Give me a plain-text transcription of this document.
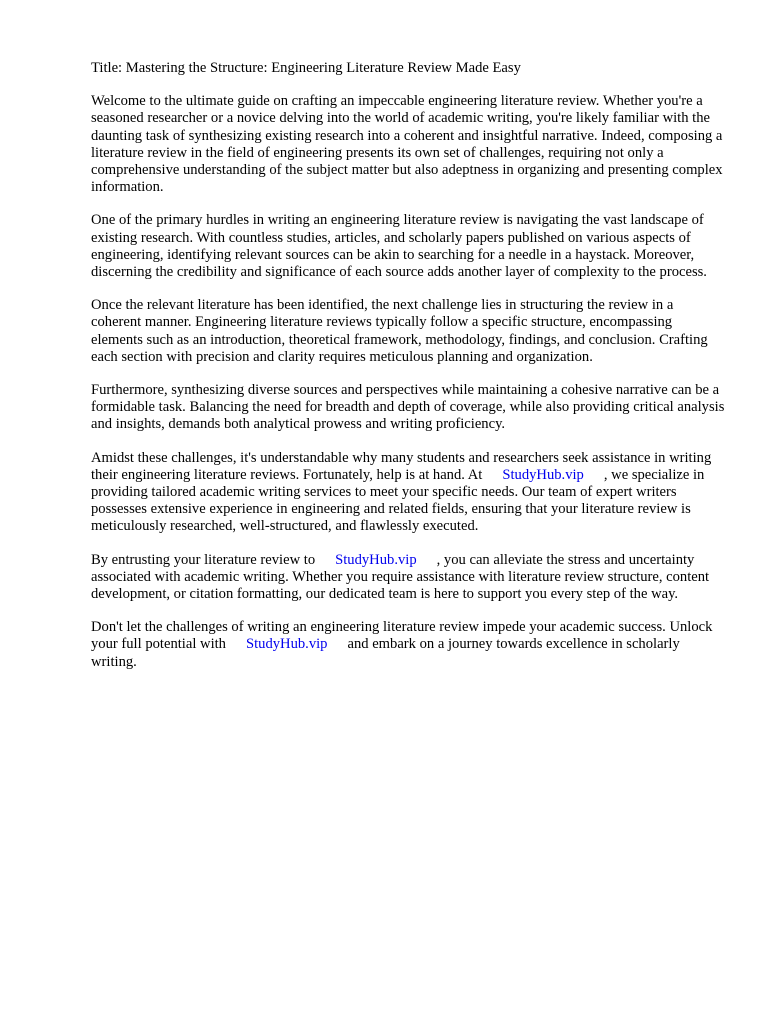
Title: Mastering the Structure: Engineering Literature Review Made Easy

Welcome to the ultimate guide on crafting an impeccable engineering literature review. Whether you're a seasoned researcher or a novice delving into the world of academic writing, you're likely familiar with the daunting task of synthesizing existing research into a coherent and insightful narrative. Indeed, composing a literature review in the field of engineering presents its own set of challenges, requiring not only a comprehensive understanding of the subject matter but also adeptness in organizing and presenting complex information.

One of the primary hurdles in writing an engineering literature review is navigating the vast landscape of existing research. With countless studies, articles, and scholarly papers published on various aspects of engineering, identifying relevant sources can be akin to searching for a needle in a haystack. Moreover, discerning the credibility and significance of each source adds another layer of complexity to the process.

Once the relevant literature has been identified, the next challenge lies in structuring the review in a coherent manner. Engineering literature reviews typically follow a specific structure, encompassing elements such as an introduction, theoretical framework, methodology, findings, and conclusion. Crafting each section with precision and clarity requires meticulous planning and organization.

Furthermore, synthesizing diverse sources and perspectives while maintaining a cohesive narrative can be a formidable task. Balancing the need for breadth and depth of coverage, while also providing critical analysis and insights, demands both analytical prowess and writing proficiency.

Amidst these challenges, it's understandable why many students and researchers seek assistance in writing their engineering literature reviews. Fortunately, help is at hand. At StudyHub.vip , we specialize in providing tailored academic writing services to meet your specific needs. Our team of expert writers possesses extensive experience in engineering and related fields, ensuring that your literature review is meticulously researched, well-structured, and flawlessly executed.

By entrusting your literature review to StudyHub.vip , you can alleviate the stress and uncertainty associated with academic writing. Whether you require assistance with literature review structure, content development, or citation formatting, our dedicated team is here to support you every step of the way.

Don't let the challenges of writing an engineering literature review impede your academic success. Unlock your full potential with StudyHub.vip and embark on a journey towards excellence in scholarly writing.
